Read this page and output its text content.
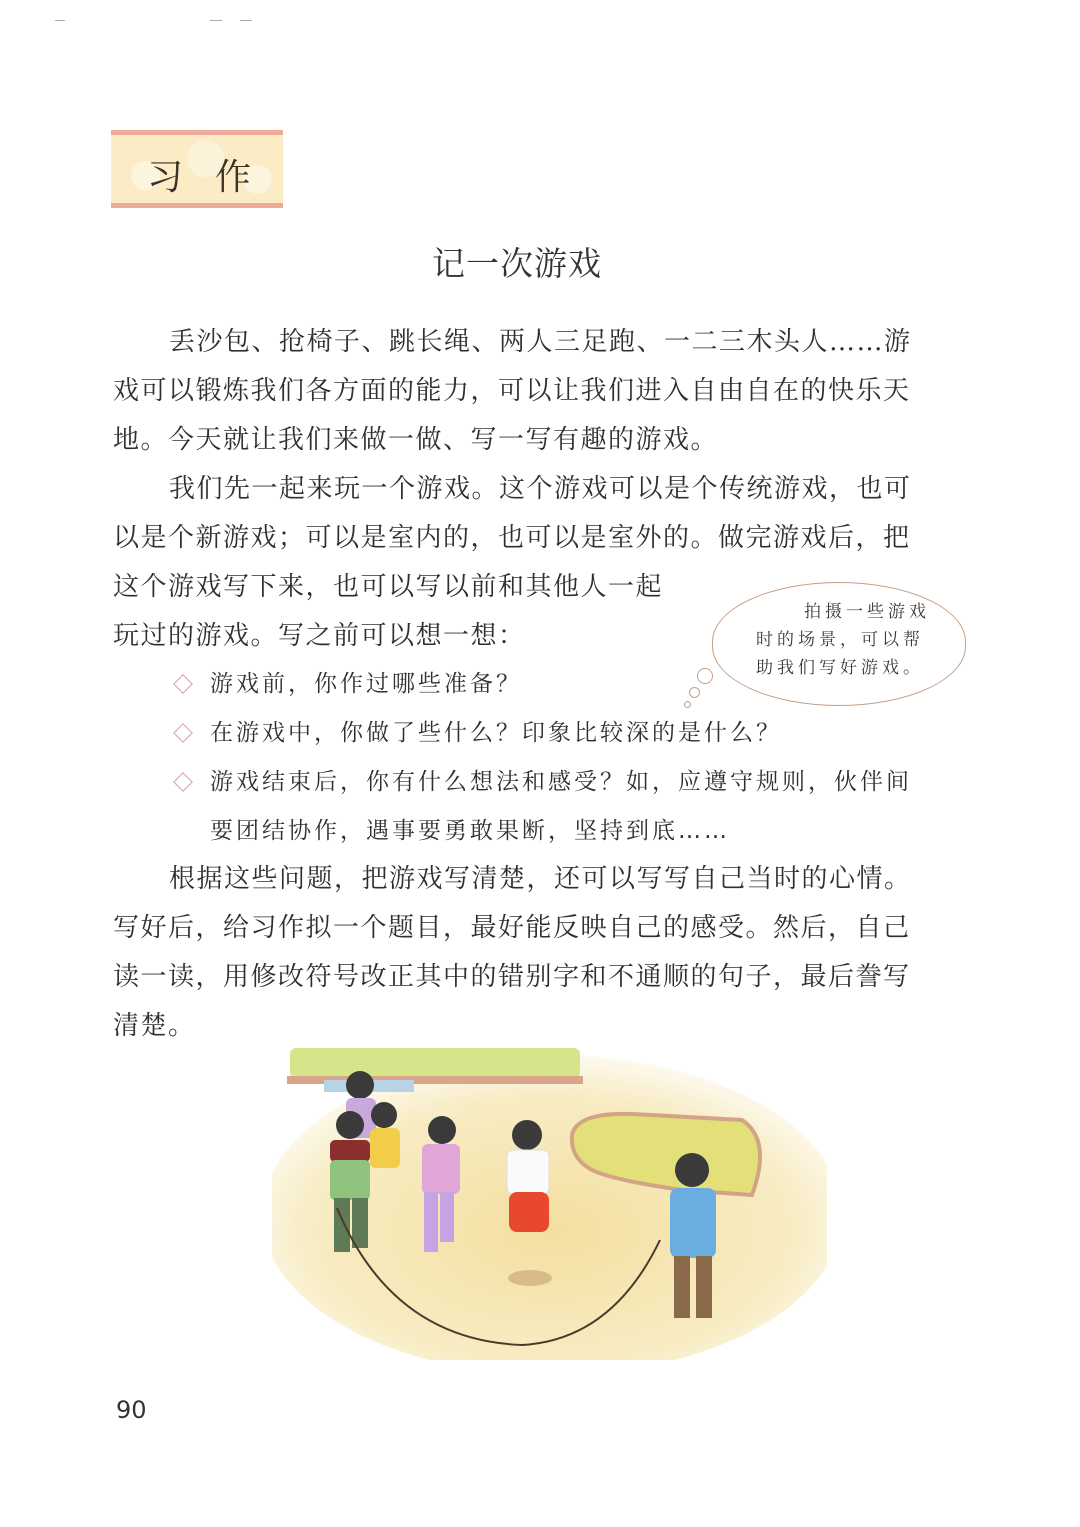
习 作
记一次游戏
丢沙包、抢椅子、跳长绳、两人三足跑、一二三木头人……游戏可以锻炼我们各方面的能力，可以让我们进入自由自在的快乐天地。今天就让我们来做一做、写一写有趣的游戏。
我们先一起来玩一个游戏。这个游戏可以是个传统游戏，也可
以是个新游戏；可以是室内的，也可以是室外的。做完游戏后，把
这个游戏写下来，也可以写以前和其他人一起
玩过的游戏。写之前可以想一想：
拍摄一些游戏
时的场景，可以帮
助我们写好游戏。
游戏前，你作过哪些准备？
在游戏中，你做了些什么？印象比较深的是什么？
游戏结束后，你有什么想法和感受？如，应遵守规则，伙伴间要团结协作，遇事要勇敢果断，坚持到底……
根据这些问题，把游戏写清楚，还可以写写自己当时的心情。写好后，给习作拟一个题目，最好能反映自己的感受。然后，自己读一读，用修改符号改正其中的错别字和不通顺的句子，最后誊写清楚。
90
